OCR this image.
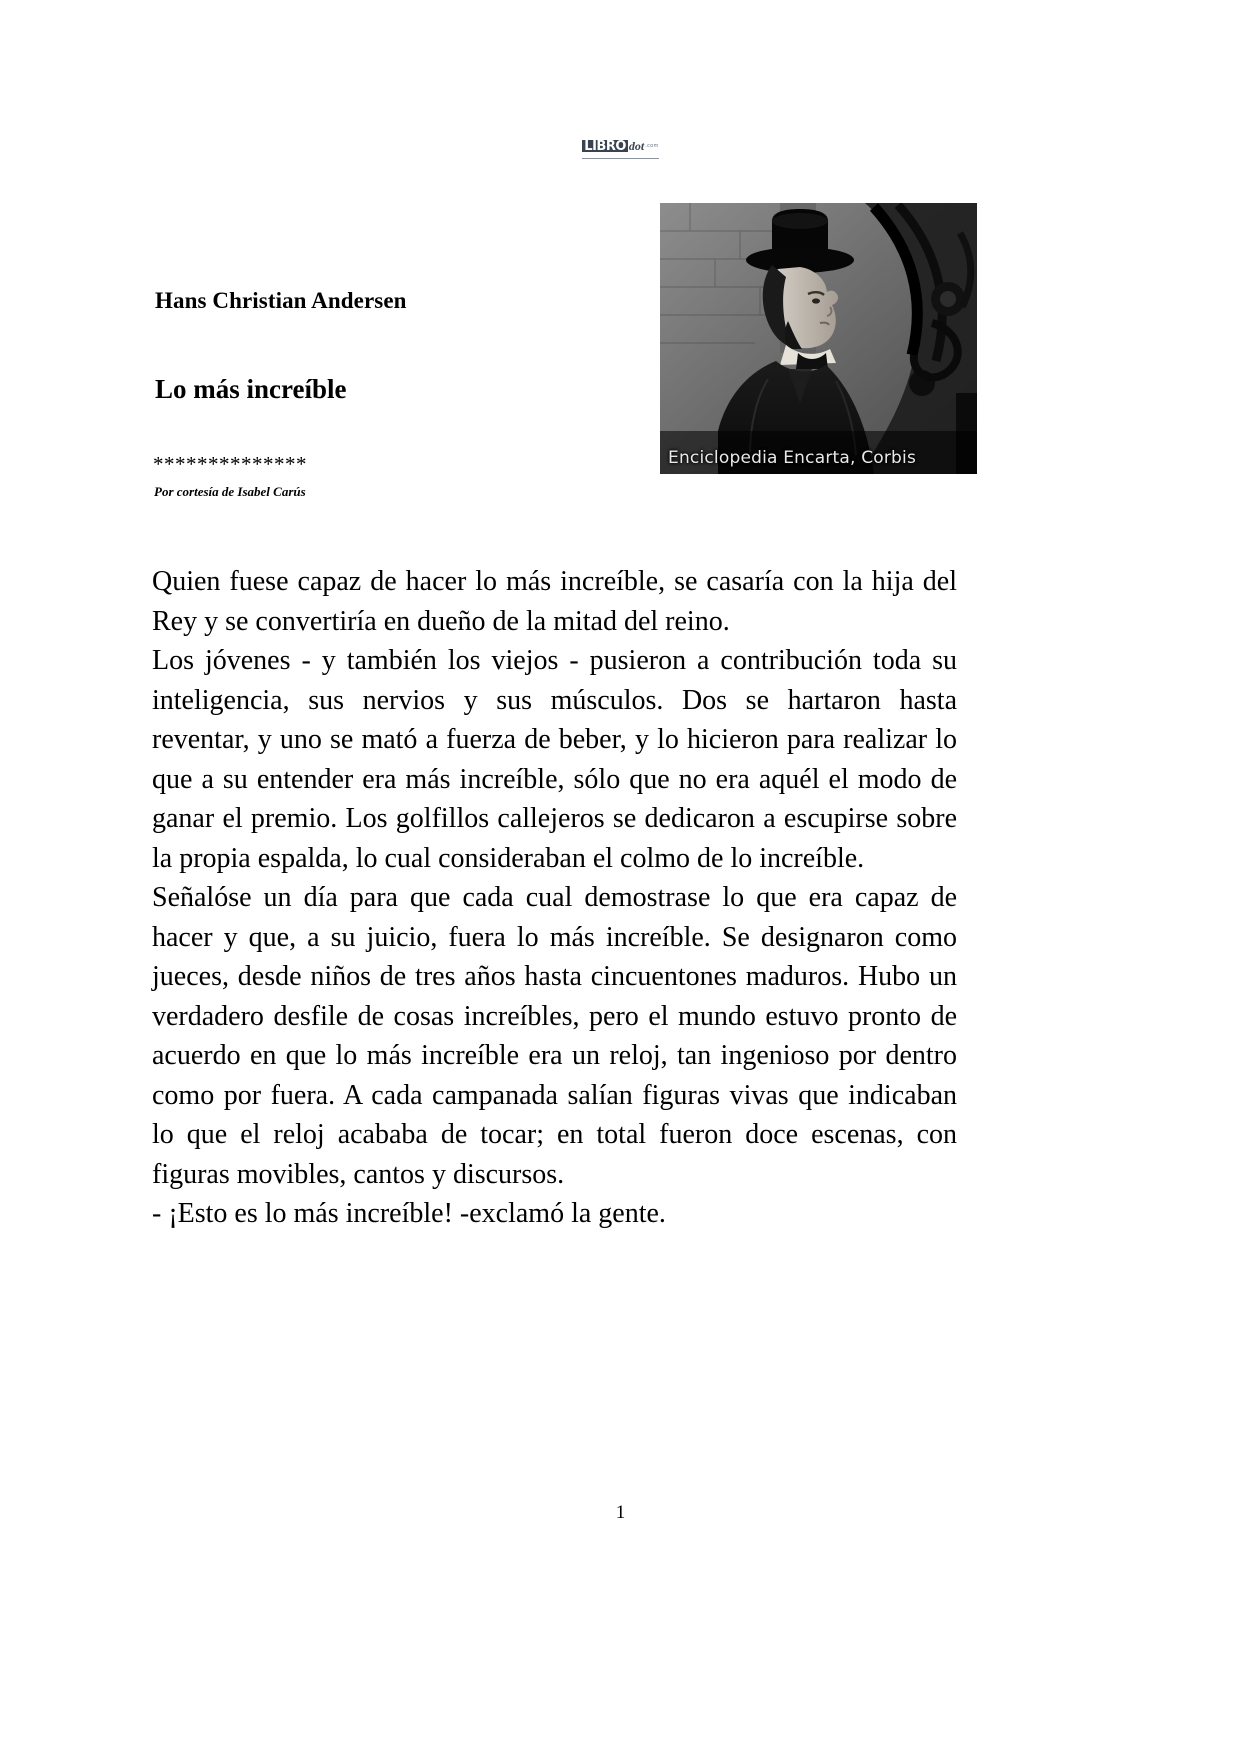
LIBRO dot.com
Enciclopedia Encarta, Corbis
Hans Christian Andersen
Lo más increíble
**************
Por cortesía de Isabel Carús

Quien fuese capaz de hacer lo más increíble, se casaría con la hija del Rey y se convertiría en dueño de la mitad del reino.

Los jóvenes - y también los viejos - pusieron a contribución toda su inteligencia, sus nervios y sus músculos. Dos se hartaron hasta reventar, y uno se mató a fuerza de beber, y lo hicieron para realizar lo que a su entender era más increíble, sólo que no era aquél el modo de ganar el premio. Los golfillos callejeros se dedicaron a escupirse sobre la propia espalda, lo cual consideraban el colmo de lo increíble.

Señalóse un día para que cada cual demostrase lo que era capaz de hacer y que, a su juicio, fuera lo más increíble. Se designaron como jueces, desde niños de tres años hasta cincuentones maduros. Hubo un verdadero desfile de cosas increíbles, pero el mundo estuvo pronto de acuerdo en que lo más increíble era un reloj, tan ingenioso por dentro como por fuera. A cada campanada salían figuras vivas que indicaban lo que el reloj acababa de tocar; en total fueron doce escenas, con figuras movibles, cantos y discursos.

- ¡Esto es lo más increíble! -exclamó la gente.

1
